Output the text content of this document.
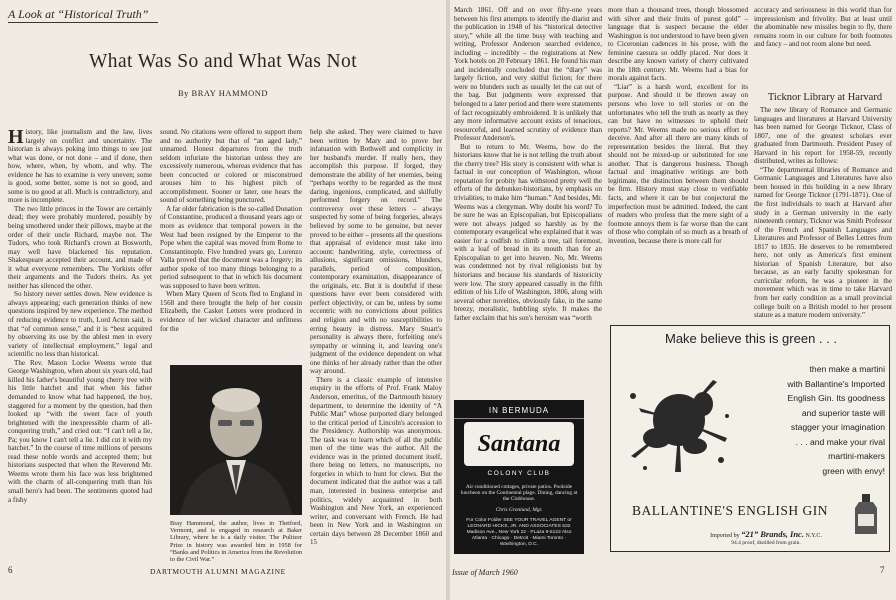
A Look at “Historical Truth”
What Was So and What Was Not
By BRAY HAMMOND

History, like journalism and the law, lives largely on conflict and uncertainty. The historian is always poking into things to see just what was done, or not done – and if done, then how, where, when, by whom, and why. The evidence he has to examine is very uneven; some is good, some better, some is not so good, and some is no good at all. Much is contradictory, and more is incomplete.

The two little princes in the Tower are certainly dead; they were probably murdered, possibly by being smothered under their pillows, maybe at the order of their uncle Richard, maybe not. The Tudors, who took Richard's crown at Bosworth, may well have blackened his reputation. Shakespeare accepted their account, and made of it what everyone remembers. The Yorkists offer their arguments and the Tudors theirs. As yet neither has silenced the other.

So history never settles down. New evidence is always appearing; each generation thinks of new questions inspired by new experience. The method of reducing evidence to truth, Lord Acton said, is that “of common sense,” and it is “best acquired by observing its use by the ablest men in every variety of intellectual employment,” legal and scientific no less than historical.

The Rev. Mason Locke Weems wrote that George Washington, when about six years old, had killed his father's beautiful young cherry tree with his little hatchet and that when his father demanded to know what had happened, the boy, staggered for a moment by the question, had then looked up “with the sweet face of youth brightened with the inexpressible charm of all-conquering truth,” and cried out: “I can't tell a lie, Pa; you know I can't tell a lie. I did cut it with my hatchet.” In the course of time millions of persons read these noble words and accepted them; but historians suspected that when the Reverend Mr. Weems wrote them his face was less brightened with the charm of all-conquering truth than his small hero's had been. The sentiments quoted had a fishy

sound. No citations were offered to support them and no authority but that of “an aged lady,” unnamed. Honest departures from the truth seldom infuriate the historian unless they are excessively numerous, whereas evidence that has been concocted or colored or misconstrued arouses him to his highest pitch of accomplishment. Sooner or later, one hears the sound of something being punctured.

A far older fabrication is the so-called Donation of Constantine, produced a thousand years ago or more as evidence that temporal powers in the West had been resigned by the Emperor to the Pope when the capital was moved from Rome to Constantinople. Five hundred years go, Lorenzo Valla proved that the document was a forgery; its author spoke of too many things belonging to a period subsequent to that in which his document was supposed to have been written.

When Mary Queen of Scots fled to England in 1568 and there brought the help of her cousin Elizabeth, the Casket Letters were produced in evidence of her wicked character and unfitness for the

help she asked. They were claimed to have been written by Mary and to prove her infatuation with Bothwell and complicity in her husband's murder. If really hers, they accomplish this purpose. If forged, they demonstrate the ability of her enemies, being “perhaps worthy to be regarded as the most daring, ingenious, complicated, and skilfully performed forgery on record.” The controversy over these letters – always suspected by some of being forgeries, always believed by some to be genuine, but never proved to be either – presents all the questions that appraisal of evidence must take into account: handwriting, style, correctness of allusions, significant omissions, blunders, parallels, period of composition, contemporary examination, disappearance of the originals, etc. But it is doubtful if these questions have ever been considered with perfect objectivity, or can be, unless by some eccentric with no convictions about politics and religion and with no susceptibilities to erring beauty in distress. Mary Stuart's personality is always there, forfeiting one's sympathy or winning it, and leaving one's judgment of the evidence dependent on what one thinks of her already rather than the other way around.

There is a classic example of intensive enquiry in the efforts of Prof. Frank Maloy Anderson, emeritus, of the Dartmouth history department, to determine the identity of “A Public Man” whose purported diary belonged to the critical period of Lincoln's accession to the Presidency. Authorship was anonymous. The task was to learn which of all the public men of the time was the author. All the evidence was in the printed document itself, there being no letters, no manuscripts, no forgeries in which to hunt for clews. But the document indicated that the author was a tall man, interested in business enterprise and politics, widely acquainted in both Washington and New York, an experienced writer, and conversant with French. He had been in New York and in Washington on certain days between 28 December 1860 and 15

Bray Hammond, the author, lives in Thetford, Vermont, and is engaged in research at Baker Library, where he is a daily visitor. The Pulitzer Prize in history was awarded him in 1958 for “Banks and Politics in America from the Revolution to the Civil War.”
6	DARTMOUTH ALUMNI MAGAZINE

March 1861. Off and on over fifty-one years between his first attempts to identify the diarist and the publication in 1948 of his “historical detective story,” while all the time busy with teaching and writing, Professor Anderson searched evidence, including – incredibly – the registrations at New York hotels on 20 February 1861. He found his man and incidentally concluded that the “diary” was largely fiction, and very skilful fiction; for there were no blunders such as usually let the cat out of the bag. But judgments were expressed that belonged to a later period and there were statements of fact recognizably embroidered. It is unlikely that any more informative account exists of tenacious, resourceful, and learned scrutiny of evidence than Professor Anderson's.

But to return to Mr. Weems, how do the historians know that he is not telling the truth about the cherry tree? His story is consistent with what is factual in our conception of Washington, whose reputation for probity has withstood pretty well the efforts of the debunker-historians, by emphasis on trivialities, to make him “human.” And besides, Mr. Weems was a clergyman. Why doubt his word? To be sure he was an Episcopalian, but Episcopalians were not always judged so harshly as by the contemporary evangelical who explained that it was easier for a codfish to climb a tree, tail foremost, with a loaf of bread in its mouth than for an Episcopalian to get into heaven. No, Mr. Weems was condemned not by rival religionists but by historians and because his standards of historicity were low. The story appeared casually in the fifth edition of his Life of Washington, 1806, along with several other novelties, obviously fake, in the same breezy, moralistic, bubbling style. It makes the father exclaim that his son's heroism was “worth

more than a thousand trees, though blossomed with silver and their fruits of purest gold” – language that is suspect because the elder Washington is not understood to have been given to Ciceronian cadences in his prose, with the feminine caesura so oddly placed. Nor does it describe any known variety of cherry cultivated in the 18th century. Mr. Weems had a bias for morals against facts.

“Liar” is a harsh word, excellent for its purpose. And should it be thrown away on persons who love to tell stories or on the unfortunates who tell the truth as nearly as they can but have no witnesses to uphold their reports? Mr. Weems made no serious effort to deceive. And after all there are many kinds of representation besides the literal. But they should not be mixed-up or substituted for one another. That is dangerous business. Though factual and imaginative writings are both legitimate, the distinction between them should be firm. History must stay close to verifiable facts, and where it can be but conjectural the imperfection must be admitted. Indeed, the cant of readers who profess that the mere sight of a footnote annoys them is far worse than the cant of those who complain of so much as a breath of invention, because there is more call for

accuracy and seriousness in this world than for impressionism and frivolity. But at least until the abominable new missiles begin to fly, there remains room in our culture for both footnotes and fancy – and not room alone but need.

Ticknor Library at Harvard

The new library of Romance and Germanic languages and literatures at Harvard University has been named for George Ticknor, Class of 1807, one of the greatest scholars ever graduated from Dartmouth. President Pusey of Harvard in his report for 1958-59, recently distributed, writes as follows:

“The departmental libraries of Romance and Germanic Languages and Literatures have also been housed in this building in a new library named for George Ticknor (1791-1871). One of the first individuals to teach at Harvard after study in a German university in the early nineteenth century, Ticknor was Smith Professor of the French and Spanish Languages and Literatures and Professor of Belles Lettres from 1817 to 1835. He deserves to be remembered here, not only as America's first eminent historian of Spanish Literature, but also because, as an early faculty spokesman for curricular reform, he was a pioneer in the movement which was in time to take Harvard from her early condition as a small provincial college built on a British model to her present stature as a mature modern university.”

IN BERMUDA
Santana
COLONY CLUB
Air conditioned cottages, private patios. Poolside luncheon on the Continental plage. Dining, dancing at the Clubhouse.
Chris Gronlund, Mgr.
For Color Folder SEE YOUR TRAVEL AGENT or LEONARD HICKS, JR. AND ASSOCIATES 532 Madison Ave., New York 22 · PLaza 9-5122 Also Atlanta · Chicago · Detroit · Miami Toronto · Washington, D.C.
Make believe this is green . . .
then make a martini
with Ballantine's Imported
English Gin. Its goodness
and superior taste will
stagger your imagination
. . . and make your rival
martini-makers
green with envy!
BALLANTINE'S ENGLISH GIN
Imported by “21” Brands, Inc. N.Y.C.
94.4 proof, distilled from grain.
Issue of March 1960	7
